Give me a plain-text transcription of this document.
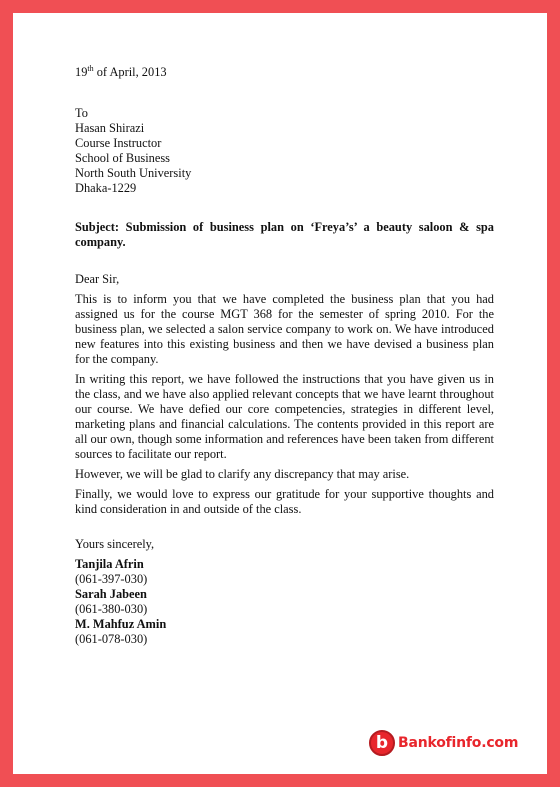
19th of April, 2013

To
Hasan Shirazi
Course Instructor
School of Business
North South University
Dhaka-1229
Subject: Submission of business plan on ‘Freya’s’ a beauty saloon & spa company.
Dear Sir,
This is to inform you that we have completed the business plan that you had assigned us for the course MGT 368 for the semester of spring 2010. For the business plan, we selected a salon service company to work on. We have introduced new features into this existing business and then we have devised a business plan for the company.
In writing this report, we have followed the instructions that you have given us in the class, and we have also applied relevant concepts that we have learnt throughout our course. We have defied our core competencies, strategies in different level, marketing plans and financial calculations. The contents provided in this report are all our own, though some information and references have been taken from different sources to facilitate our report.
However, we will be glad to clarify any discrepancy that may arise.
Finally, we would love to express our gratitude for your supportive thoughts and kind consideration in and outside of the class.
Yours sincerely,
Tanjila Afrin
(061-397-030)
Sarah Jabeen
(061-380-030)
M. Mahfuz Amin
(061-078-030)
b Bankofinfo.com
